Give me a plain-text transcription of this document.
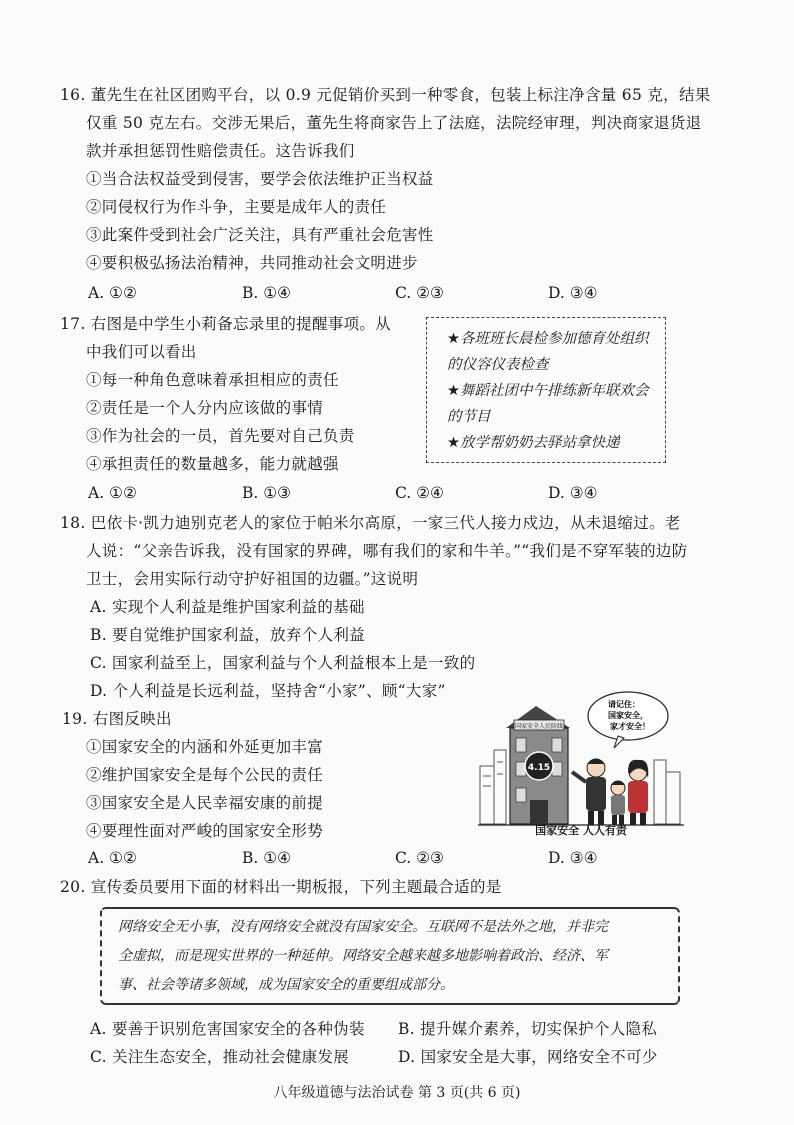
16. 董先生在社区团购平台，以 0.9 元促销价买到一种零食，包装上标注净含量 65 克，结果
仅重 50 克左右。交涉无果后，董先生将商家告上了法庭，法院经审理，判决商家退货退
款并承担惩罚性赔偿责任。这告诉我们
①当合法权益受到侵害，要学会依法维护正当权益
②同侵权行为作斗争，主要是成年人的责任
③此案件受到社会广泛关注，具有严重社会危害性
④要积极弘扬法治精神，共同推动社会文明进步
A. ①②	B. ①④	C. ②③	D. ③④
17. 右图是中学生小莉备忘录里的提醒事项。从
中我们可以看出
①每一种角色意味着承担相应的责任
②责任是一个人分内应该做的事情
③作为社会的一员，首先要对自己负责
④承担责任的数量越多，能力就越强
★各班班长晨检参加德育处组织的仪容仪表检查
★舞蹈社团中午排练新年联欢会的节目
★放学帮奶奶去驿站拿快递
A. ①②	B. ①③	C. ②④	D. ③④
18. 巴依卡·凯力迪别克老人的家位于帕米尔高原，一家三代人接力戍边，从未退缩过。老
人说：“父亲告诉我，没有国家的界碑，哪有我们的家和牛羊。”“我们是不穿军装的边防
卫士，会用实际行动守护好祖国的边疆。”这说明
A. 实现个人利益是维护国家利益的基础
B. 要自觉维护国家利益，放弃个人利益
C. 国家利益至上，国家利益与个人利益根本上是一致的
D. 个人利益是长远利益，坚持舍“小家”、顾“大家”
19. 右图反映出
①国家安全的内涵和外延更加丰富
②维护国家安全是每个公民的责任
③国家安全是人民幸福安康的前提
④要理性面对严峻的国家安全形势
国家安全人民防线
4.15
请记住：
国家安全，
家才安全！
国家安全 人人有责
A. ①②	B. ①④	C. ②③	D. ③④
20. 宣传委员要用下面的材料出一期板报，下列主题最合适的是
网络安全无小事，没有网络安全就没有国家安全。互联网不是法外之地，并非完
全虚拟，而是现实世界的一种延伸。网络安全越来越多地影响着政治、经济、军
事、社会等诸多领域，成为国家安全的重要组成部分。
A. 要善于识别危害国家安全的各种伪装 B. 提升媒介素养，切实保护个人隐私
C. 关注生态安全，推动社会健康发展	D. 国家安全是大事，网络安全不可少
八年级道德与法治试卷 第 3 页(共 6 页)
